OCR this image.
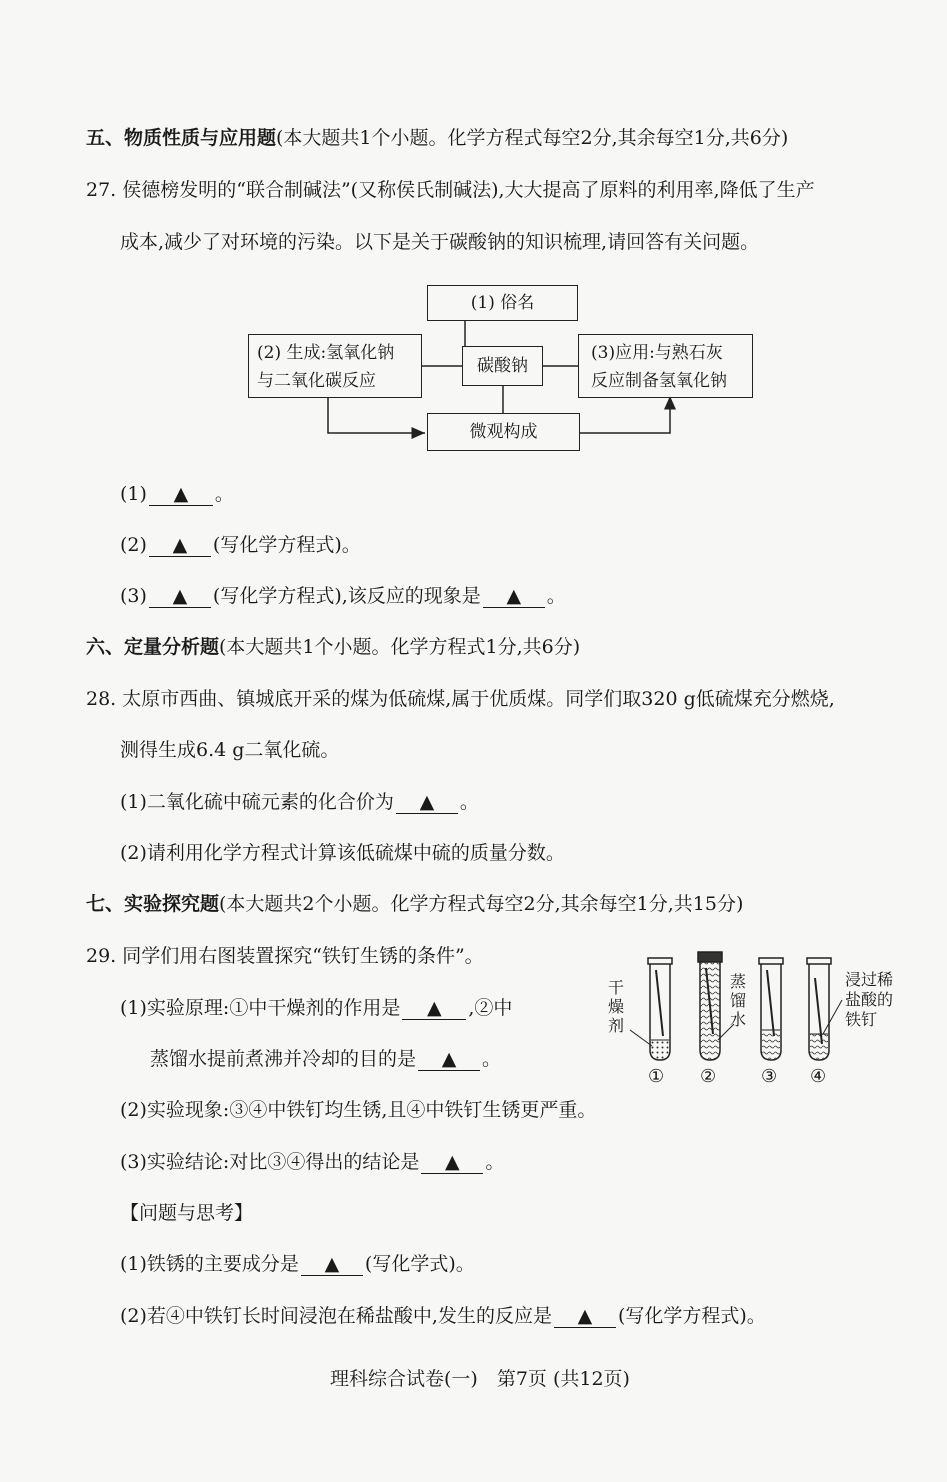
五、物质性质与应用题(本大题共1个小题。化学方程式每空2分,其余每空1分,共6分)
27. 侯德榜发明的“联合制碱法”(又称侯氏制碱法),大大提高了原料的利用率,降低了生产
成本,减少了对环境的污染。以下是关于碳酸钠的知识梳理,请回答有关问题。
(1) 俗名
(2) 生成:氢氧化钠
与二氧化碳反应
碳酸钠
(3)应用:与熟石灰
反应制备氢氧化钠
微观构成
(1) ▲ 。
(2) ▲ (写化学方程式)。
(3) ▲ (写化学方程式),该反应的现象是 ▲ 。
六、定量分析题(本大题共1个小题。化学方程式1分,共6分)
28. 太原市西曲、镇城底开采的煤为低硫煤,属于优质煤。同学们取320 g低硫煤充分燃烧,
测得生成6.4 g二氧化硫。
(1)二氧化硫中硫元素的化合价为 ▲ 。
(2)请利用化学方程式计算该低硫煤中硫的质量分数。
七、实验探究题(本大题共2个小题。化学方程式每空2分,其余每空1分,共15分)
29. 同学们用右图装置探究“铁钉生锈的条件”。
(1)实验原理:①中干燥剂的作用是 ▲ ,②中
蒸馏水提前煮沸并冷却的目的是 ▲ 。
(2)实验现象:③④中铁钉均生锈,且④中铁钉生锈更严重。
(3)实验结论:对比③④得出的结论是 ▲ 。
【问题与思考】
(1)铁锈的主要成分是 ▲ (写化学式)。
(2)若④中铁钉长时间浸泡在稀盐酸中,发生的反应是 ▲ (写化学方程式)。
干
燥
剂
蒸
馏
水
浸过稀
盐酸的
铁钉
① ② ③ ④
理科综合试卷(一)　第7页 (共12页)
